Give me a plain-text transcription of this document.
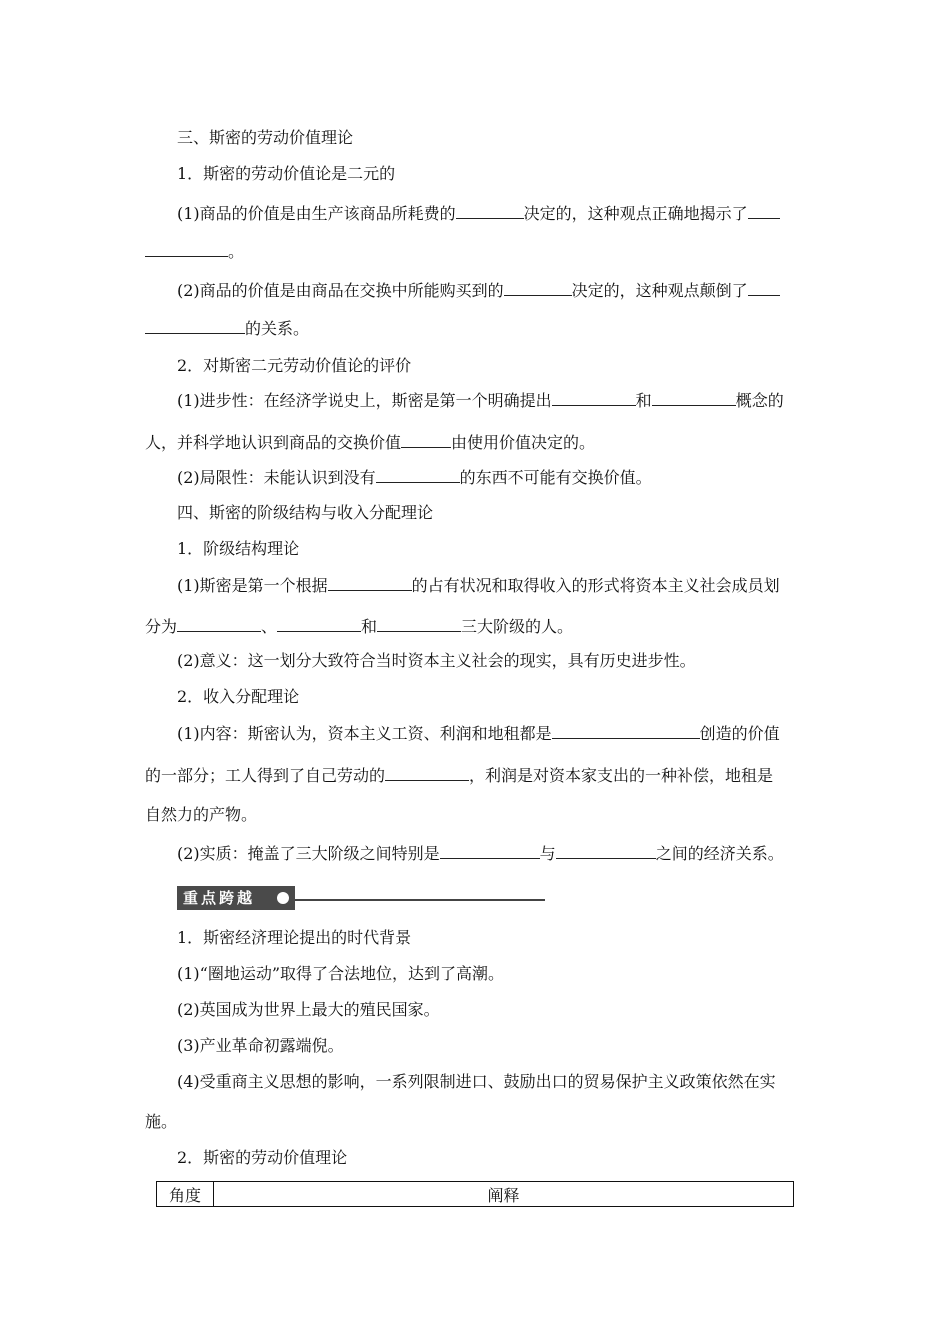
三、斯密的劳动价值理论
1．斯密的劳动价值论是二元的
(1)商品的价值是由生产该商品所耗费的	决定的，这种观点正确地揭示了
。
(2)商品的价值是由商品在交换中所能购买到的	决定的，这种观点颠倒了
的关系。
2．对斯密二元劳动价值论的评价
(1)进步性：在经济学说史上，斯密是第一个明确提出	和	概念的
人，并科学地认识到商品的交换价值	由使用价值决定的。
(2)局限性：未能认识到没有	的东西不可能有交换价值。
四、斯密的阶级结构与收入分配理论
1．阶级结构理论
(1)斯密是第一个根据	的占有状况和取得收入的形式将资本主义社会成员划
分为	、	和	三大阶级的人。
(2)意义：这一划分大致符合当时资本主义社会的现实，具有历史进步性。
2．收入分配理论
(1)内容：斯密认为，资本主义工资、利润和地租都是	创造的价值
的一部分；工人得到了自己劳动的	，利润是对资本家支出的一种补偿，地租是
自然力的产物。
(2)实质：掩盖了三大阶级之间特别是	与	之间的经济关系。
重点跨越
1．斯密经济理论提出的时代背景
(1)“圈地运动”取得了合法地位，达到了高潮。
(2)英国成为世界上最大的殖民国家。
(3)产业革命初露端倪。
(4)受重商主义思想的影响，一系列限制进口、鼓励出口的贸易保护主义政策依然在实
施。
2．斯密的劳动价值理论
角度	阐释
